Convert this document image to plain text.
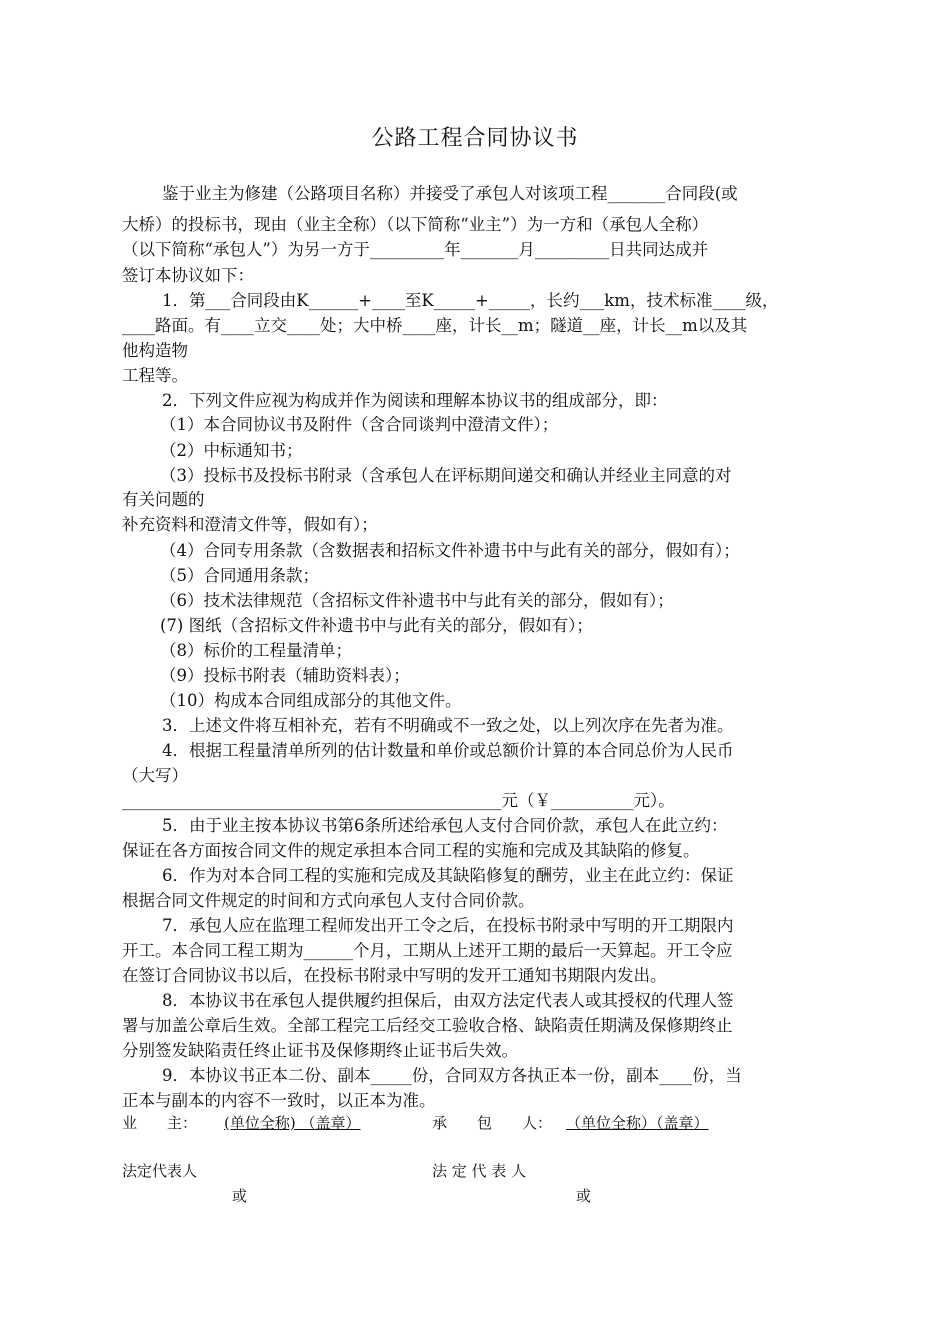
公路工程合同协议书
鉴于业主为修建（公路项目名称）并接受了承包人对该项工程_______合同段(或
大桥）的投标书，现由（业主全称）（以下简称“业主”）为一方和（承包人全称）
（以下简称“承包人”）为另一方于_________年_______月_________日共同达成并
签订本协议如下：
1．第___合同段由K______+____至K_____+_____，长约___km，技术标准____级，
____路面。有____立交____处；大中桥____座，计长__m；隧道__座，计长__m以及其
他构造物
工程等。
2．下列文件应视为构成并作为阅读和理解本协议书的组成部分，即：
（1）本合同协议书及附件（含合同谈判中澄清文件）；
（2）中标通知书；
（3）投标书及投标书附录（含承包人在评标期间递交和确认并经业主同意的对
有关问题的
补充资料和澄清文件等，假如有）；
（4）合同专用条款（含数据表和招标文件补遗书中与此有关的部分，假如有）；
（5）合同通用条款；
（6）技术法律规范（含招标文件补遗书中与此有关的部分，假如有）；
(7) 图纸（含招标文件补遗书中与此有关的部分，假如有）；
（8）标价的工程量清单；
（9）投标书附表（辅助资料表）；
（10）构成本合同组成部分的其他文件。
3．上述文件将互相补充，若有不明确或不一致之处，以上列次序在先者为准。
4．根据工程量清单所列的估计数量和单价或总额价计算的本合同总价为人民币
（大写）
______________________________________________元（￥__________元）。
5．由于业主按本协议书第6条所述给承包人支付合同价款，承包人在此立约：
保证在各方面按合同文件的规定承担本合同工程的实施和完成及其缺陷的修复。
6．作为对本合同工程的实施和完成及其缺陷修复的酬劳，业主在此立约：保证
根据合同文件规定的时间和方式向承包人支付合同价款。
7．承包人应在监理工程师发出开工令之后，在投标书附录中写明的开工期限内
开工。本合同工程工期为______个月，工期从上述开工期的最后一天算起。开工令应
在签订合同协议书以后，在投标书附录中写明的发开工通知书期限内发出。
8．本协议书在承包人提供履约担保后，由双方法定代表人或其授权的代理人签
署与加盖公章后生效。全部工程完工后经交工验收合格、缺陷责任期满及保修期终止
分别签发缺陷责任终止证书及保修期终止证书后失效。
9．本协议书正本二份、副本_____份，合同双方各执正本一份，副本____份，当
正本与副本的内容不一致时，以正本为准。
业　　主： (单位全称) （盖章）	承　　包　　人： （单位全称）（盖章）
法定代表人	法 定 代 表 人
或	或
